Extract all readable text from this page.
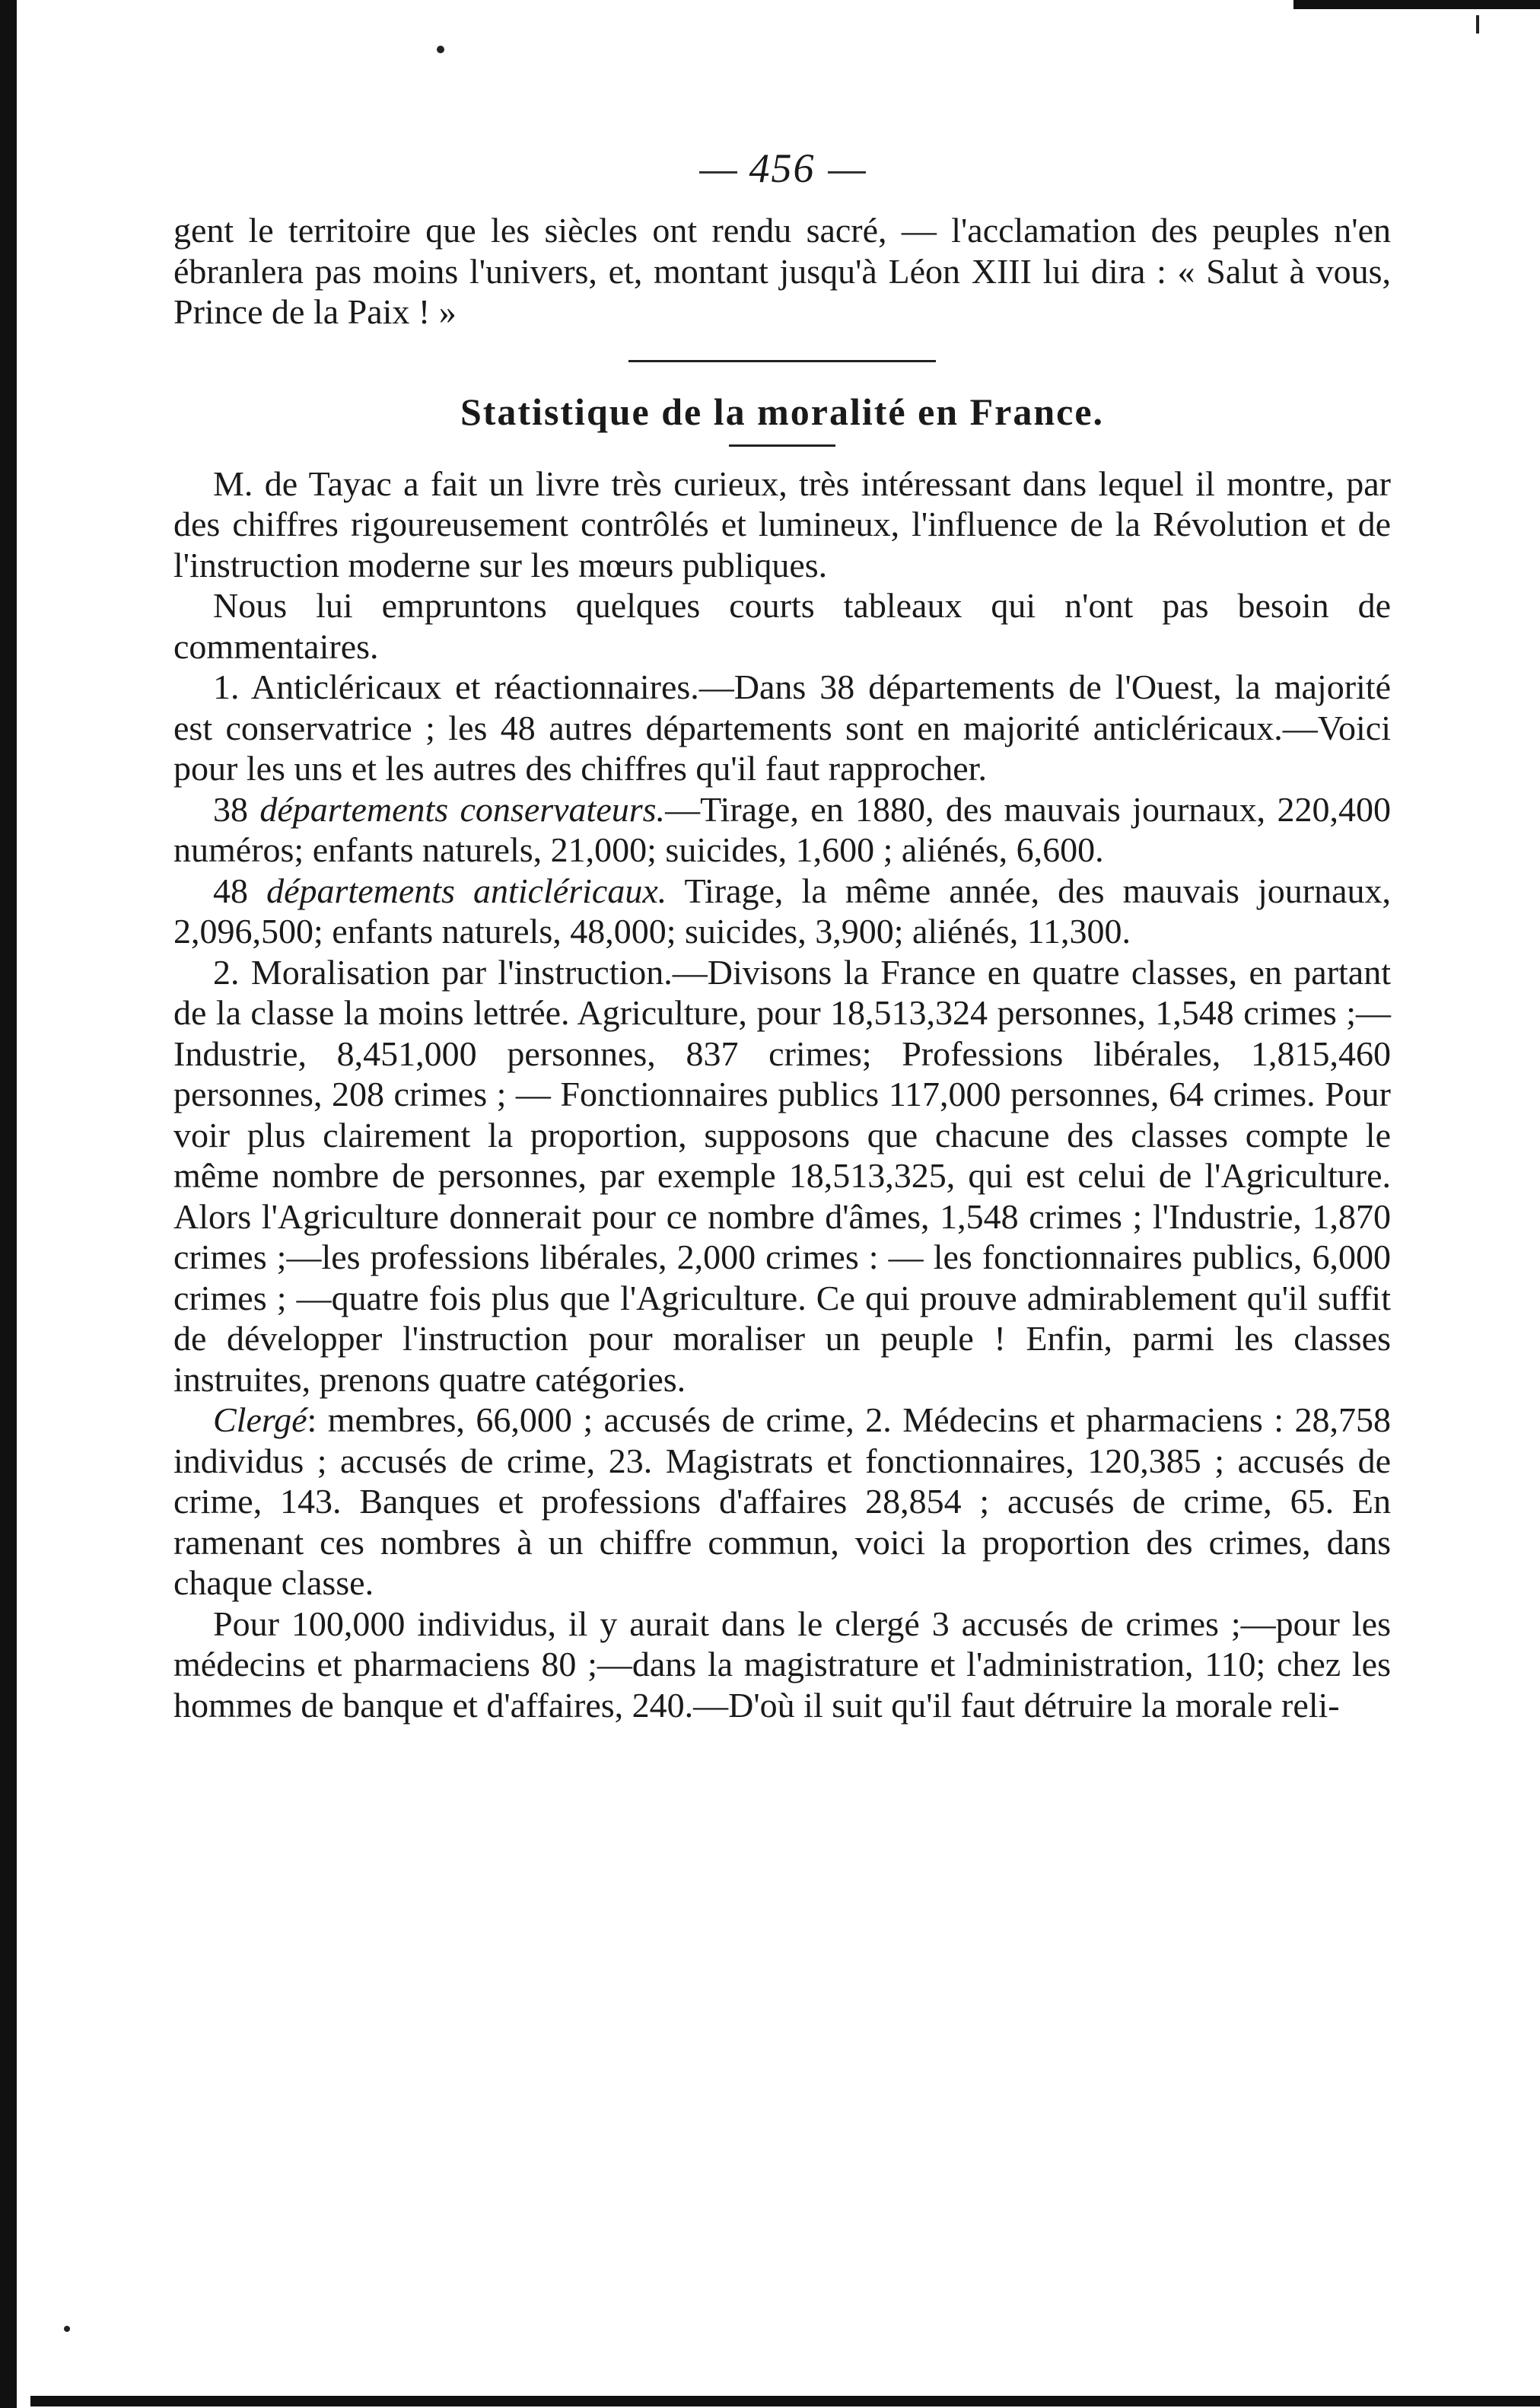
456

gent le territoire que les siècles ont rendu sacré, — l'acclamation des peuples n'en ébranlera pas moins l'univers, et, montant jusqu'à Léon XIII lui dira : « Salut à vous, Prince de la Paix ! »

Statistique de la moralité en France.

M. de Tayac a fait un livre très curieux, très intéressant dans lequel il montre, par des chiffres rigoureusement contrôlés et lumineux, l'influence de la Révolution et de l'instruction moderne sur les mœurs publiques.

Nous lui empruntons quelques courts tableaux qui n'ont pas besoin de commentaires.

1. Anticléricaux et réactionnaires.—Dans 38 départements de l'Ouest, la majorité est conservatrice ; les 48 autres départements sont en majorité anticléricaux.—Voici pour les uns et les autres des chiffres qu'il faut rapprocher.

38 départements conservateurs.—Tirage, en 1880, des mauvais journaux, 220,400 numéros; enfants naturels, 21,000; suicides, 1,600 ; aliénés, 6,600.

48 départements anticléricaux. Tirage, la même année, des mauvais journaux, 2,096,500; enfants naturels, 48,000; suicides, 3,900; aliénés, 11,300.

2. Moralisation par l'instruction.—Divisons la France en quatre classes, en partant de la classe la moins lettrée. Agriculture, pour 18,513,324 personnes, 1,548 crimes ;—Industrie, 8,451,000 personnes, 837 crimes; Professions libérales, 1,815,460 personnes, 208 crimes ; — Fonctionnaires publics 117,000 personnes, 64 crimes. Pour voir plus clairement la proportion, supposons que chacune des classes compte le même nombre de personnes, par exemple 18,513,325, qui est celui de l'Agriculture. Alors l'Agriculture donnerait pour ce nombre d'âmes, 1,548 crimes ; l'Industrie, 1,870 crimes ;—les professions libérales, 2,000 crimes : — les fonctionnaires publics, 6,000 crimes ; —quatre fois plus que l'Agriculture. Ce qui prouve admirablement qu'il suffit de développer l'instruction pour moraliser un peuple ! Enfin, parmi les classes instruites, prenons quatre catégories.

Clergé: membres, 66,000 ; accusés de crime, 2. Médecins et pharmaciens : 28,758 individus ; accusés de crime, 23. Magistrats et fonctionnaires, 120,385 ; accusés de crime, 143. Banques et professions d'affaires 28,854 ; accusés de crime, 65. En ramenant ces nombres à un chiffre commun, voici la proportion des crimes, dans chaque classe.

Pour 100,000 individus, il y aurait dans le clergé 3 accusés de crimes ;—pour les médecins et pharmaciens 80 ;—dans la magistrature et l'administration, 110; chez les hommes de banque et d'affaires, 240.—D'où il suit qu'il faut détruire la morale reli-
